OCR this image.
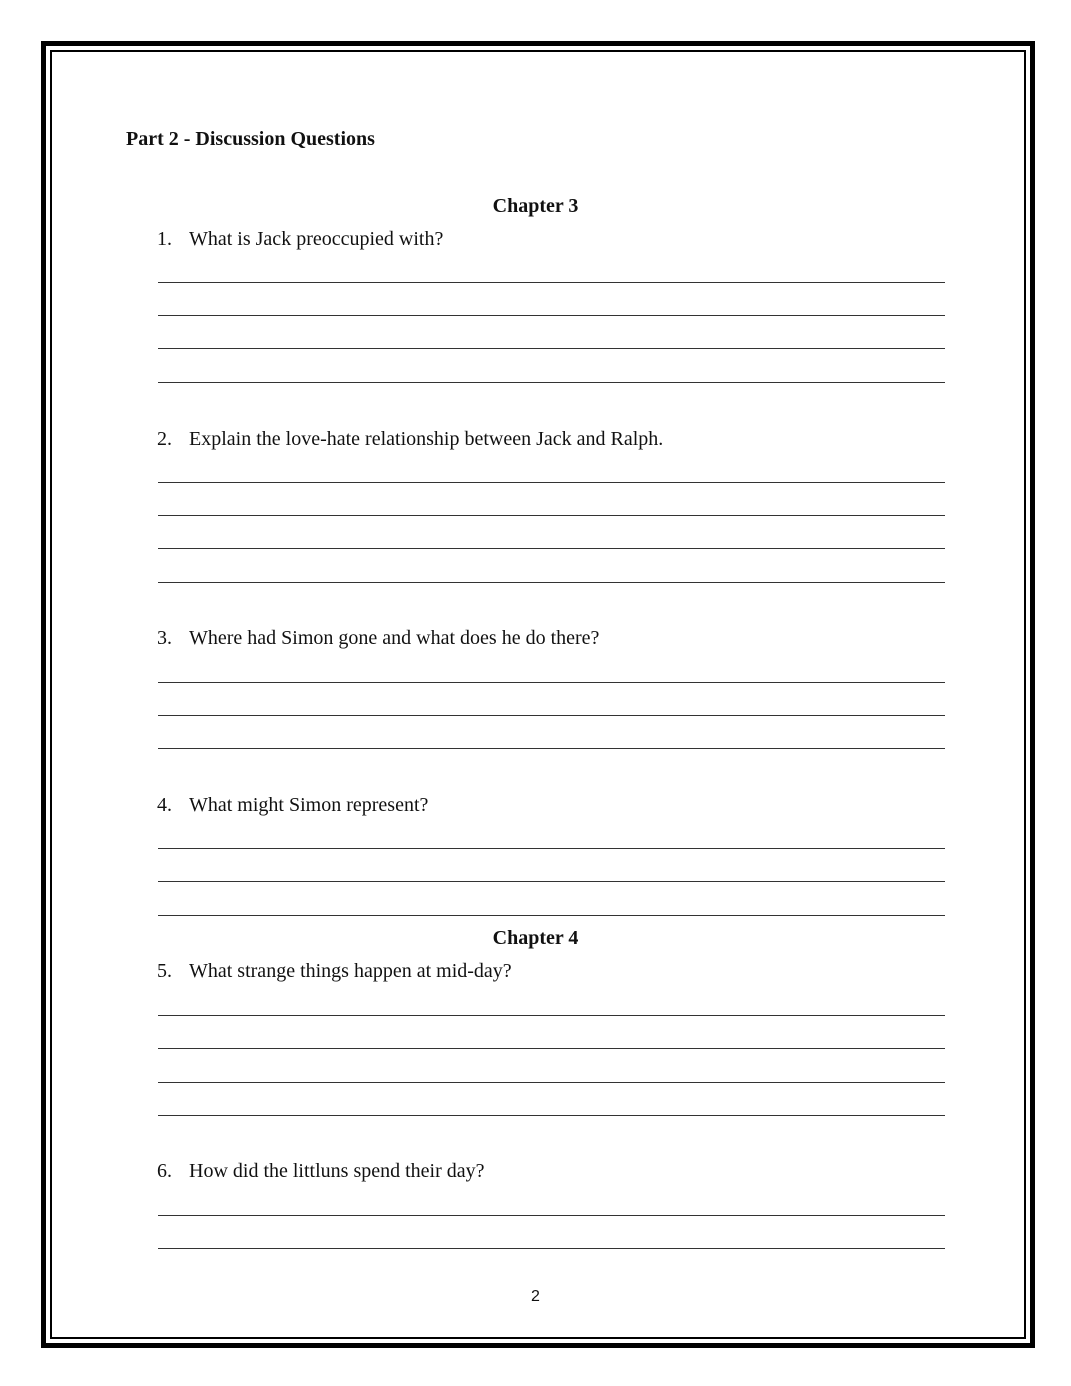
Part 2 - Discussion Questions
Chapter 3
1. What is Jack preoccupied with?
2. Explain the love-hate relationship between Jack and Ralph.
3. Where had Simon gone and what does he do there?
4. What might Simon represent?
Chapter 4
5. What strange things happen at mid-day?
6. How did the littluns spend their day?
2
